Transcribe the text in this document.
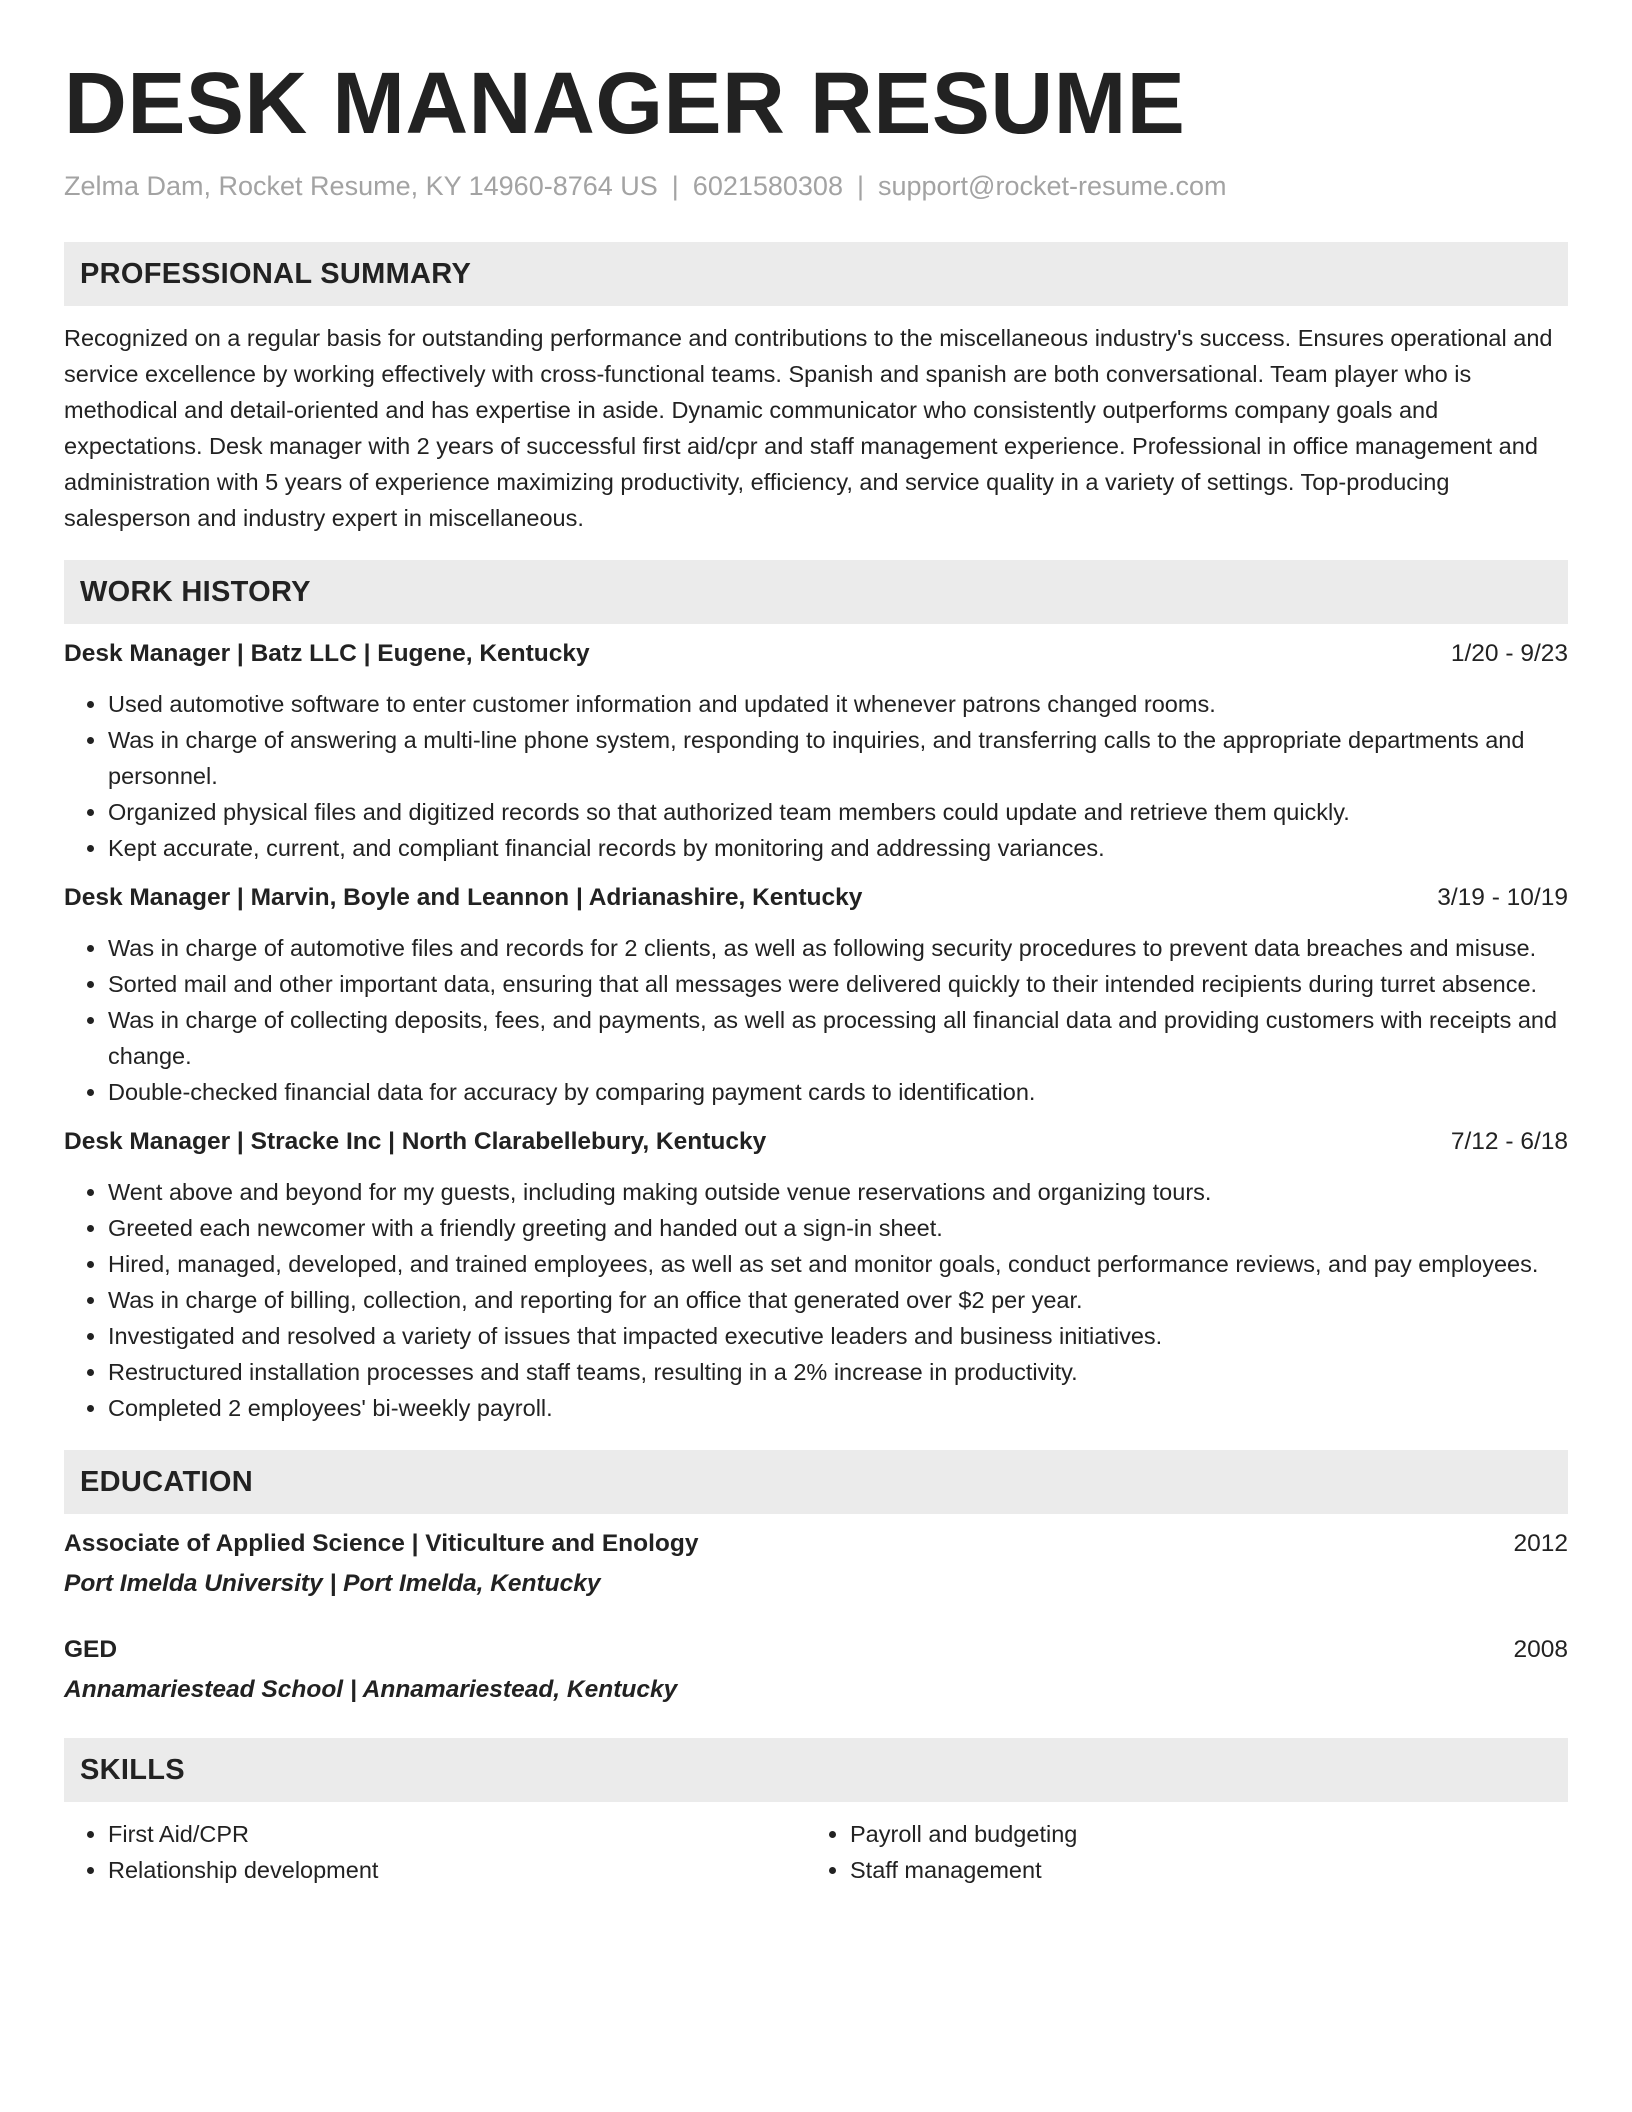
DESK MANAGER RESUME
Zelma Dam, Rocket Resume, KY 14960-8764 US | 6021580308 | support@rocket-resume.com
PROFESSIONAL SUMMARY

Recognized on a regular basis for outstanding performance and contributions to the miscellaneous industry's success. Ensures operational and service excellence by working effectively with cross-functional teams. Spanish and spanish are both conversational. Team player who is methodical and detail-oriented and has expertise in aside. Dynamic communicator who consistently outperforms company goals and expectations. Desk manager with 2 years of successful first aid/cpr and staff management experience. Professional in office management and administration with 5 years of experience maximizing productivity, efficiency, and service quality in a variety of settings. Top-producing salesperson and industry expert in miscellaneous.

WORK HISTORY
Desk Manager | Batz LLC | Eugene, Kentucky	1/20 - 9/23
• Used automotive software to enter customer information and updated it whenever patrons changed rooms.
• Was in charge of answering a multi-line phone system, responding to inquiries, and transferring calls to the appropriate departments and personnel.
• Organized physical files and digitized records so that authorized team members could update and retrieve them quickly.
• Kept accurate, current, and compliant financial records by monitoring and addressing variances.
Desk Manager | Marvin, Boyle and Leannon | Adrianashire, Kentucky	3/19 - 10/19
• Was in charge of automotive files and records for 2 clients, as well as following security procedures to prevent data breaches and misuse.
• Sorted mail and other important data, ensuring that all messages were delivered quickly to their intended recipients during turret absence.
• Was in charge of collecting deposits, fees, and payments, as well as processing all financial data and providing customers with receipts and change.
• Double-checked financial data for accuracy by comparing payment cards to identification.
Desk Manager | Stracke Inc | North Clarabellebury, Kentucky	7/12 - 6/18
• Went above and beyond for my guests, including making outside venue reservations and organizing tours.
• Greeted each newcomer with a friendly greeting and handed out a sign-in sheet.
• Hired, managed, developed, and trained employees, as well as set and monitor goals, conduct performance reviews, and pay employees.
• Was in charge of billing, collection, and reporting for an office that generated over $2 per year.
• Investigated and resolved a variety of issues that impacted executive leaders and business initiatives.
• Restructured installation processes and staff teams, resulting in a 2% increase in productivity.
• Completed 2 employees' bi-weekly payroll.
EDUCATION
Associate of Applied Science | Viticulture and Enology	2012
Port Imelda University | Port Imelda, Kentucky
GED	2008
Annamariestead School | Annamariestead, Kentucky
SKILLS
• First Aid/CPR
• Relationship development
• Payroll and budgeting
• Staff management
